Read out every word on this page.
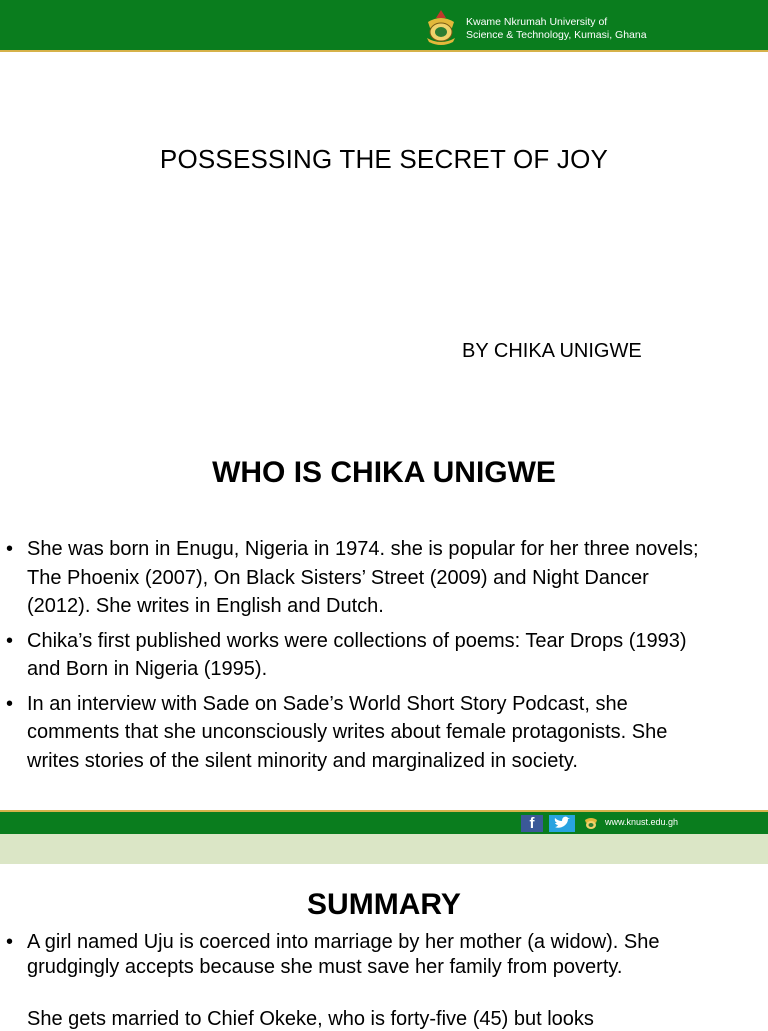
Kwame Nkrumah University of
Science & Technology, Kumasi, Ghana
POSSESSING THE SECRET OF JOY
BY CHIKA UNIGWE
WHO IS CHIKA UNIGWE
• She was born in Enugu, Nigeria in 1974. she is popular for her three novels; The Phoenix (2007), On Black Sisters’ Street (2009) and Night Dancer (2012). She writes in English and Dutch.
• Chika’s first published works were collections of poems: Tear Drops (1993) and Born in Nigeria (1995).
• In an interview with Sade on Sade’s World Short Story Podcast, she comments that she unconsciously writes about female protagonists. She writes stories of the silent minority and marginalized in society.
f	www.knust.edu.gh
SUMMARY
• A girl named Uju is coerced into marriage by her mother (a widow). She grudgingly accepts because she must save her family from poverty.
She gets married to Chief Okeke, who is forty-five (45) but looks
